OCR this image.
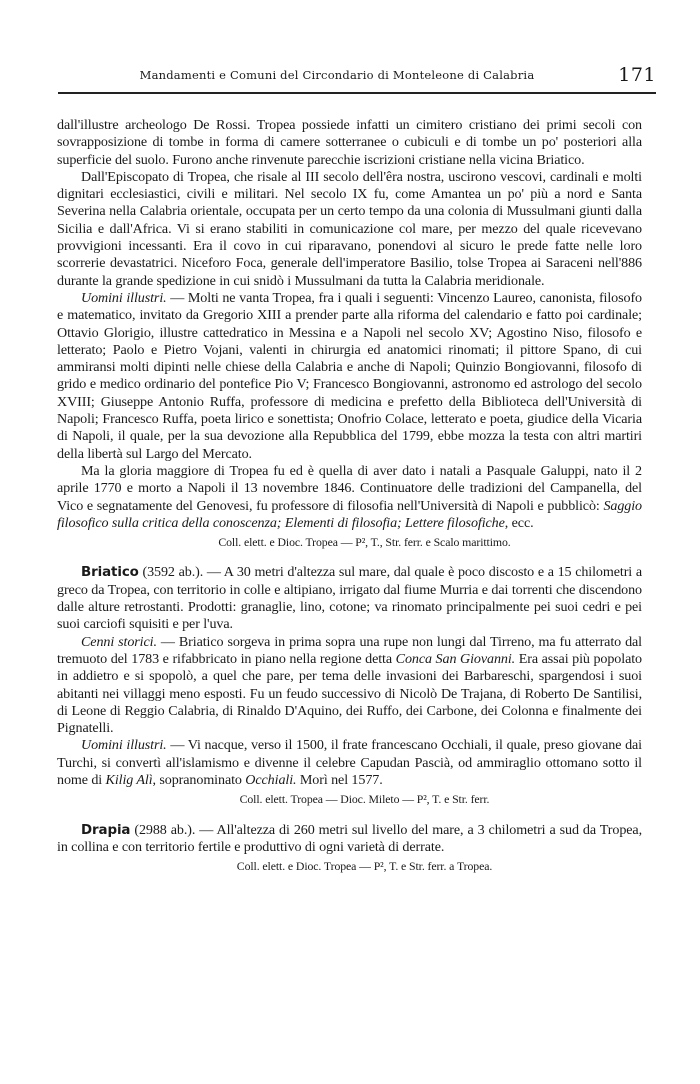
Mandamenti e Comuni del Circondario di Monteleone di Calabria	171

dall'illustre archeologo De Rossi. Tropea possiede infatti un cimitero cristiano dei primi secoli con sovrapposizione di tombe in forma di camere sotterranee o cubiculi e di tombe un po' posteriori alla superficie del suolo. Furono anche rinvenute parecchie iscrizioni cristiane nella vicina Briatico.

Dall'Episcopato di Tropea, che risale al III secolo dell'êra nostra, uscirono vescovi, cardinali e molti dignitari ecclesiastici, civili e militari. Nel secolo IX fu, come Amantea un po' più a nord e Santa Severina nella Calabria orientale, occupata per un certo tempo da una colonia di Mussulmani giunti dalla Sicilia e dall'Africa. Vi si erano stabiliti in comunicazione col mare, per mezzo del quale ricevevano provvigioni incessanti. Era il covo in cui riparavano, ponendovi al sicuro le prede fatte nelle loro scorrerie devastatrici. Niceforo Foca, generale dell'imperatore Basilio, tolse Tropea ai Saraceni nell'886 durante la grande spedizione in cui snidò i Mussulmani da tutta la Calabria meridionale.

Uomini illustri. — Molti ne vanta Tropea, fra i quali i seguenti: Vincenzo Laureo, canonista, filosofo e matematico, invitato da Gregorio XIII a prender parte alla riforma del calendario e fatto poi cardinale; Ottavio Glorigio, illustre cattedratico in Messina e a Napoli nel secolo XV; Agostino Niso, filosofo e letterato; Paolo e Pietro Vojani, valenti in chirurgia ed anatomici rinomati; il pittore Spano, di cui ammiransi molti dipinti nelle chiese della Calabria e anche di Napoli; Quinzio Bongiovanni, filosofo di grido e medico ordinario del pontefice Pio V; Francesco Bongiovanni, astronomo ed astrologo del secolo XVIII; Giuseppe Antonio Ruffa, professore di medicina e prefetto della Biblioteca dell'Università di Napoli; Francesco Ruffa, poeta lirico e sonettista; Onofrio Colace, letterato e poeta, giudice della Vicaria di Napoli, il quale, per la sua devozione alla Repubblica del 1799, ebbe mozza la testa con altri martiri della libertà sul Largo del Mercato.

Ma la gloria maggiore di Tropea fu ed è quella di aver dato i natali a Pasquale Galuppi, nato il 2 aprile 1770 e morto a Napoli il 13 novembre 1846. Continuatore delle tradizioni del Campanella, del Vico e segnatamente del Genovesi, fu professore di filosofia nell'Università di Napoli e pubblicò: Saggio filosofico sulla critica della conoscenza; Elementi di filosofia; Lettere filosofiche, ecc.

Coll. elett. e Dioc. Tropea — P², T., Str. ferr. e Scalo marittimo.

Briatico (3592 ab.). — A 30 metri d'altezza sul mare, dal quale è poco discosto e a 15 chilometri a greco da Tropea, con territorio in colle e altipiano, irrigato dal fiume Murria e dai torrenti che discendono dalle alture retrostanti. Prodotti: granaglie, lino, cotone; va rinomato principalmente pei suoi cedri e pei suoi carciofi squisiti e per l'uva.

Cenni storici. — Briatico sorgeva in prima sopra una rupe non lungi dal Tirreno, ma fu atterrato dal tremuoto del 1783 e rifabbricato in piano nella regione detta Conca San Giovanni. Era assai più popolato in addietro e si spopolò, a quel che pare, per tema delle invasioni dei Barbareschi, spargendosi i suoi abitanti nei villaggi meno esposti. Fu un feudo successivo di Nicolò De Trajana, di Roberto De Santilisi, di Leone di Reggio Calabria, di Rinaldo D'Aquino, dei Ruffo, dei Carbone, dei Colonna e finalmente dei Pignatelli.

Uomini illustri. — Vi nacque, verso il 1500, il frate francescano Occhiali, il quale, preso giovane dai Turchi, si convertì all'islamismo e divenne il celebre Capudan Pascià, od ammiraglio ottomano sotto il nome di Kilig Alì, sopranominato Occhiali. Morì nel 1577.

Coll. elett. Tropea — Dioc. Mileto — P², T. e Str. ferr.

Drapia (2988 ab.). — All'altezza di 260 metri sul livello del mare, a 3 chilometri a sud da Tropea, in collina e con territorio fertile e produttivo di ogni varietà di derrate.

Coll. elett. e Dioc. Tropea — P², T. e Str. ferr. a Tropea.
